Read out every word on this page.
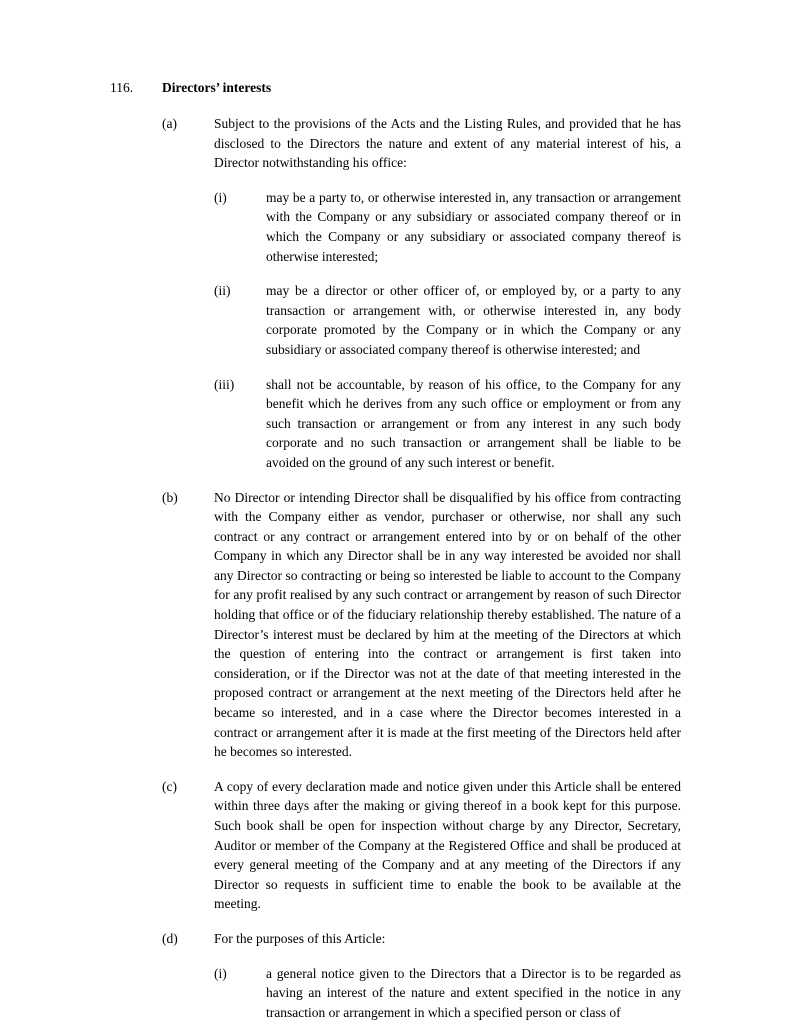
116.	Directors’ interests
(a)	Subject to the provisions of the Acts and the Listing Rules, and provided that he has disclosed to the Directors the nature and extent of any material interest of his, a Director notwithstanding his office:
(i)	may be a party to, or otherwise interested in, any transaction or arrangement with the Company or any subsidiary or associated company thereof or in which the Company or any subsidiary or associated company thereof is otherwise interested;
(ii)	may be a director or other officer of, or employed by, or a party to any transaction or arrangement with, or otherwise interested in, any body corporate promoted by the Company or in which the Company or any subsidiary or associated company thereof is otherwise interested; and
(iii)	shall not be accountable, by reason of his office, to the Company for any benefit which he derives from any such office or employment or from any such transaction or arrangement or from any interest in any such body corporate and no such transaction or arrangement shall be liable to be avoided on the ground of any such interest or benefit.
(b)	No Director or intending Director shall be disqualified by his office from contracting with the Company either as vendor, purchaser or otherwise, nor shall any such contract or any contract or arrangement entered into by or on behalf of the other Company in which any Director shall be in any way interested be avoided nor shall any Director so contracting or being so interested be liable to account to the Company for any profit realised by any such contract or arrangement by reason of such Director holding that office or of the fiduciary relationship thereby established. The nature of a Director’s interest must be declared by him at the meeting of the Directors at which the question of entering into the contract or arrangement is first taken into consideration, or if the Director was not at the date of that meeting interested in the proposed contract or arrangement at the next meeting of the Directors held after he became so interested, and in a case where the Director becomes interested in a contract or arrangement after it is made at the first meeting of the Directors held after he becomes so interested.
(c)	A copy of every declaration made and notice given under this Article shall be entered within three days after the making or giving thereof in a book kept for this purpose. Such book shall be open for inspection without charge by any Director, Secretary, Auditor or member of the Company at the Registered Office and shall be produced at every general meeting of the Company and at any meeting of the Directors if any Director so requests in sufficient time to enable the book to be available at the meeting.
(d)	For the purposes of this Article:
(i)	a general notice given to the Directors that a Director is to be regarded as having an interest of the nature and extent specified in the notice in any transaction or arrangement in which a specified person or class of
